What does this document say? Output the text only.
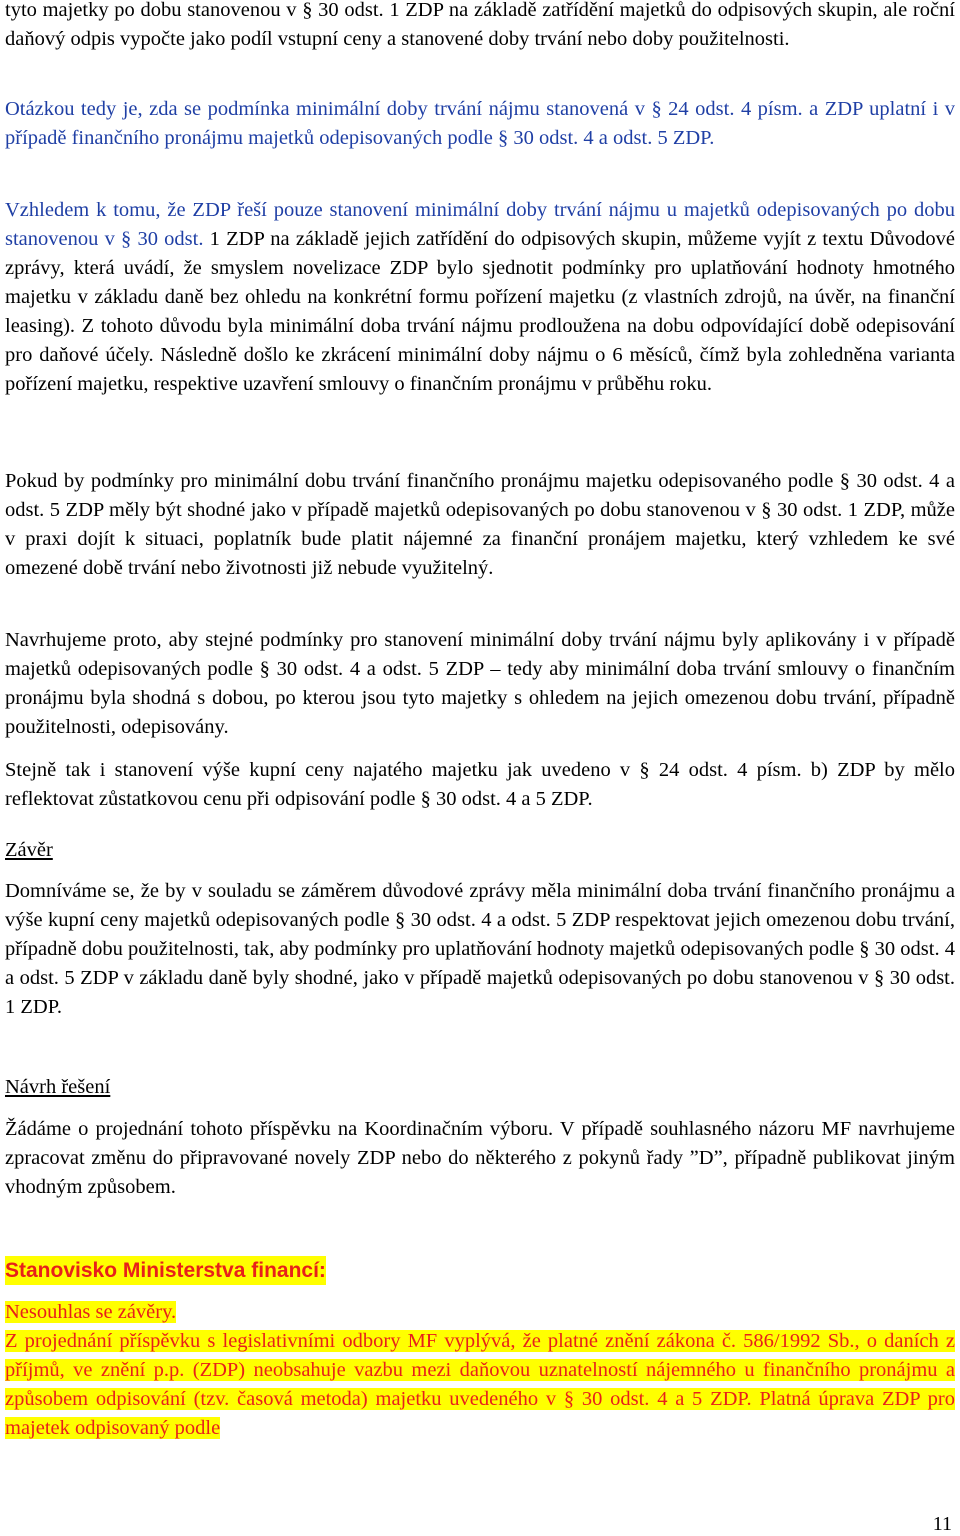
tyto majetky po dobu stanovenou v § 30 odst. 1 ZDP na základě zatřídění majetků do odpisových skupin, ale roční daňový odpis vypočte jako podíl vstupní ceny a stanovené doby trvání nebo doby použitelnosti.

Otázkou tedy je, zda se podmínka minimální doby trvání nájmu stanovená v § 24 odst. 4 písm. a ZDP uplatní i v případě finančního pronájmu majetků odepisovaných podle § 30 odst. 4 a odst. 5 ZDP.

Vzhledem k tomu, že ZDP řeší pouze stanovení minimální doby trvání nájmu u majetků odepisovaných po dobu stanovenou v § 30 odst. 1 ZDP na základě jejich zatřídění do odpisových skupin, můžeme vyjít z textu Důvodové zprávy, která uvádí, že smyslem novelizace ZDP bylo sjednotit podmínky pro uplatňování hodnoty hmotného majetku v základu daně bez ohledu na konkrétní formu pořízení majetku (z vlastních zdrojů, na úvěr, na finanční leasing). Z tohoto důvodu byla minimální doba trvání nájmu prodloužena na dobu odpovídající době odepisování pro daňové účely. Následně došlo ke zkrácení minimální doby nájmu o 6 měsíců, čímž byla zohledněna varianta pořízení majetku, respektive uzavření smlouvy o finančním pronájmu v průběhu roku.

Pokud by podmínky pro minimální dobu trvání finančního pronájmu majetku odepisovaného podle § 30 odst. 4 a odst. 5 ZDP měly být shodné jako v případě majetků odepisovaných po dobu stanovenou v § 30 odst. 1 ZDP, může v praxi dojít k situaci, poplatník bude platit nájemné za finanční pronájem majetku, který vzhledem ke své omezené době trvání nebo životnosti již nebude využitelný.

Navrhujeme proto, aby stejné podmínky pro stanovení minimální doby trvání nájmu byly aplikovány i v případě majetků odepisovaných podle § 30 odst. 4 a odst. 5 ZDP – tedy aby minimální doba trvání smlouvy o finančním pronájmu byla shodná s dobou, po kterou jsou tyto majetky s ohledem na jejich omezenou dobu trvání, případně použitelnosti, odepisovány.

Stejně tak i stanovení výše kupní ceny najatého majetku jak uvedeno v § 24 odst. 4 písm. b) ZDP by mělo reflektovat zůstatkovou cenu při odpisování podle § 30 odst. 4 a 5 ZDP.

Závěr

Domníváme se, že by v souladu se záměrem důvodové zprávy měla minimální doba trvání finančního pronájmu a výše kupní ceny majetků odepisovaných podle § 30 odst. 4 a odst. 5 ZDP respektovat jejich omezenou dobu trvání, případně dobu použitelnosti, tak, aby podmínky pro uplatňování hodnoty majetků odepisovaných podle § 30 odst. 4 a odst. 5 ZDP v základu daně byly shodné, jako v případě majetků odepisovaných po dobu stanovenou v § 30 odst. 1 ZDP.

Návrh řešení

Žádáme o projednání tohoto příspěvku na Koordinačním výboru. V případě souhlasného názoru MF navrhujeme zpracovat změnu do připravované novely ZDP nebo do některého z pokynů řady ˮDˮ, případně publikovat jiným vhodným způsobem.

Stanovisko Ministerstva financí:

Nesouhlas se závěry.

Z projednání příspěvku s legislativními odbory MF vyplývá, že platné znění zákona č. 586/1992 Sb., o daních z příjmů, ve znění p.p. (ZDP) neobsahuje vazbu mezi daňovou uznatelností nájemného u finančního pronájmu a způsobem odpisování (tzv. časová metoda) majetku uvedeného v § 30 odst. 4 a 5 ZDP. Platná úprava ZDP pro majetek odpisovaný podle

11
